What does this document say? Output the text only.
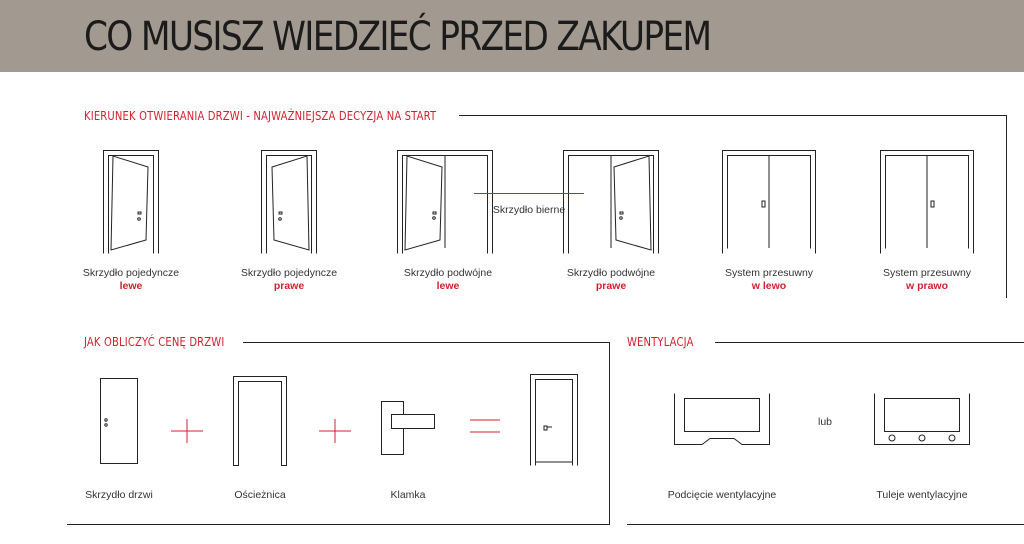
CO MUSISZ WIEDZIEĆ PRZED ZAKUPEM
KIERUNEK OTWIERANIA DRZWI - NAJWAŻNIEJSZA DECYZJA NA START
Skrzydło bierne
Skrzydło pojedyncze
lewe
Skrzydło pojedyncze
prawe
Skrzydło podwójne
lewe
Skrzydło podwójne
prawe
System przesuwny
w lewo
System przesuwny
w prawo
JAK OBLICZYĆ CENĘ DRZWI
Skrzydło drzwi	Ościeżnica	Klamka
WENTYLACJA
lub
Podcięcie wentylacyjne	Tuleje wentylacyjne
